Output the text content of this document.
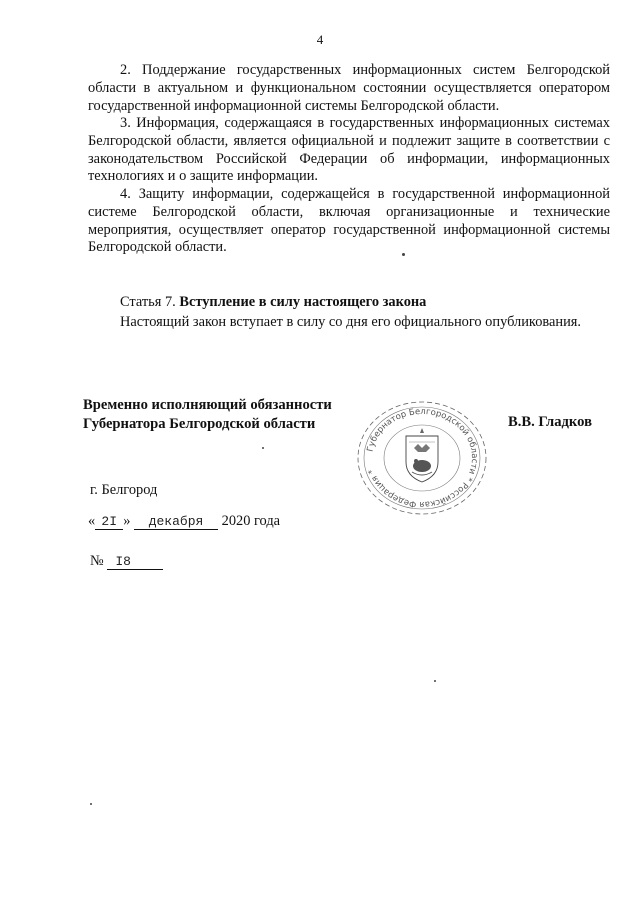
4

2. Поддержание государственных информационных систем Белгородской области в актуальном и функциональном состоянии осуществляется оператором государственной информационной системы Белгородской области.

3. Информация, содержащаяся в государственных информационных системах Белгородской области, является официальной и подлежит защите в соответствии с законодательством Российской Федерации об информации, информационных технологиях и о защите информации.

4. Защиту информации, содержащейся в государственной информационной системе Белгородской области, включая организационные и технические мероприятия, осуществляет оператор государственной информационной системы Белгородской области.

Статья 7. Вступление в силу настоящего закона

Настоящий закон вступает в силу со дня его официального опубликования.

Временно исполняющий обязанности
Губернатора Белгородской области
Губернатор Белгородской области * Российская Федерация *
В.В. Гладков
г. Белгород
« 2I » декабря 2020 года
№ I8
